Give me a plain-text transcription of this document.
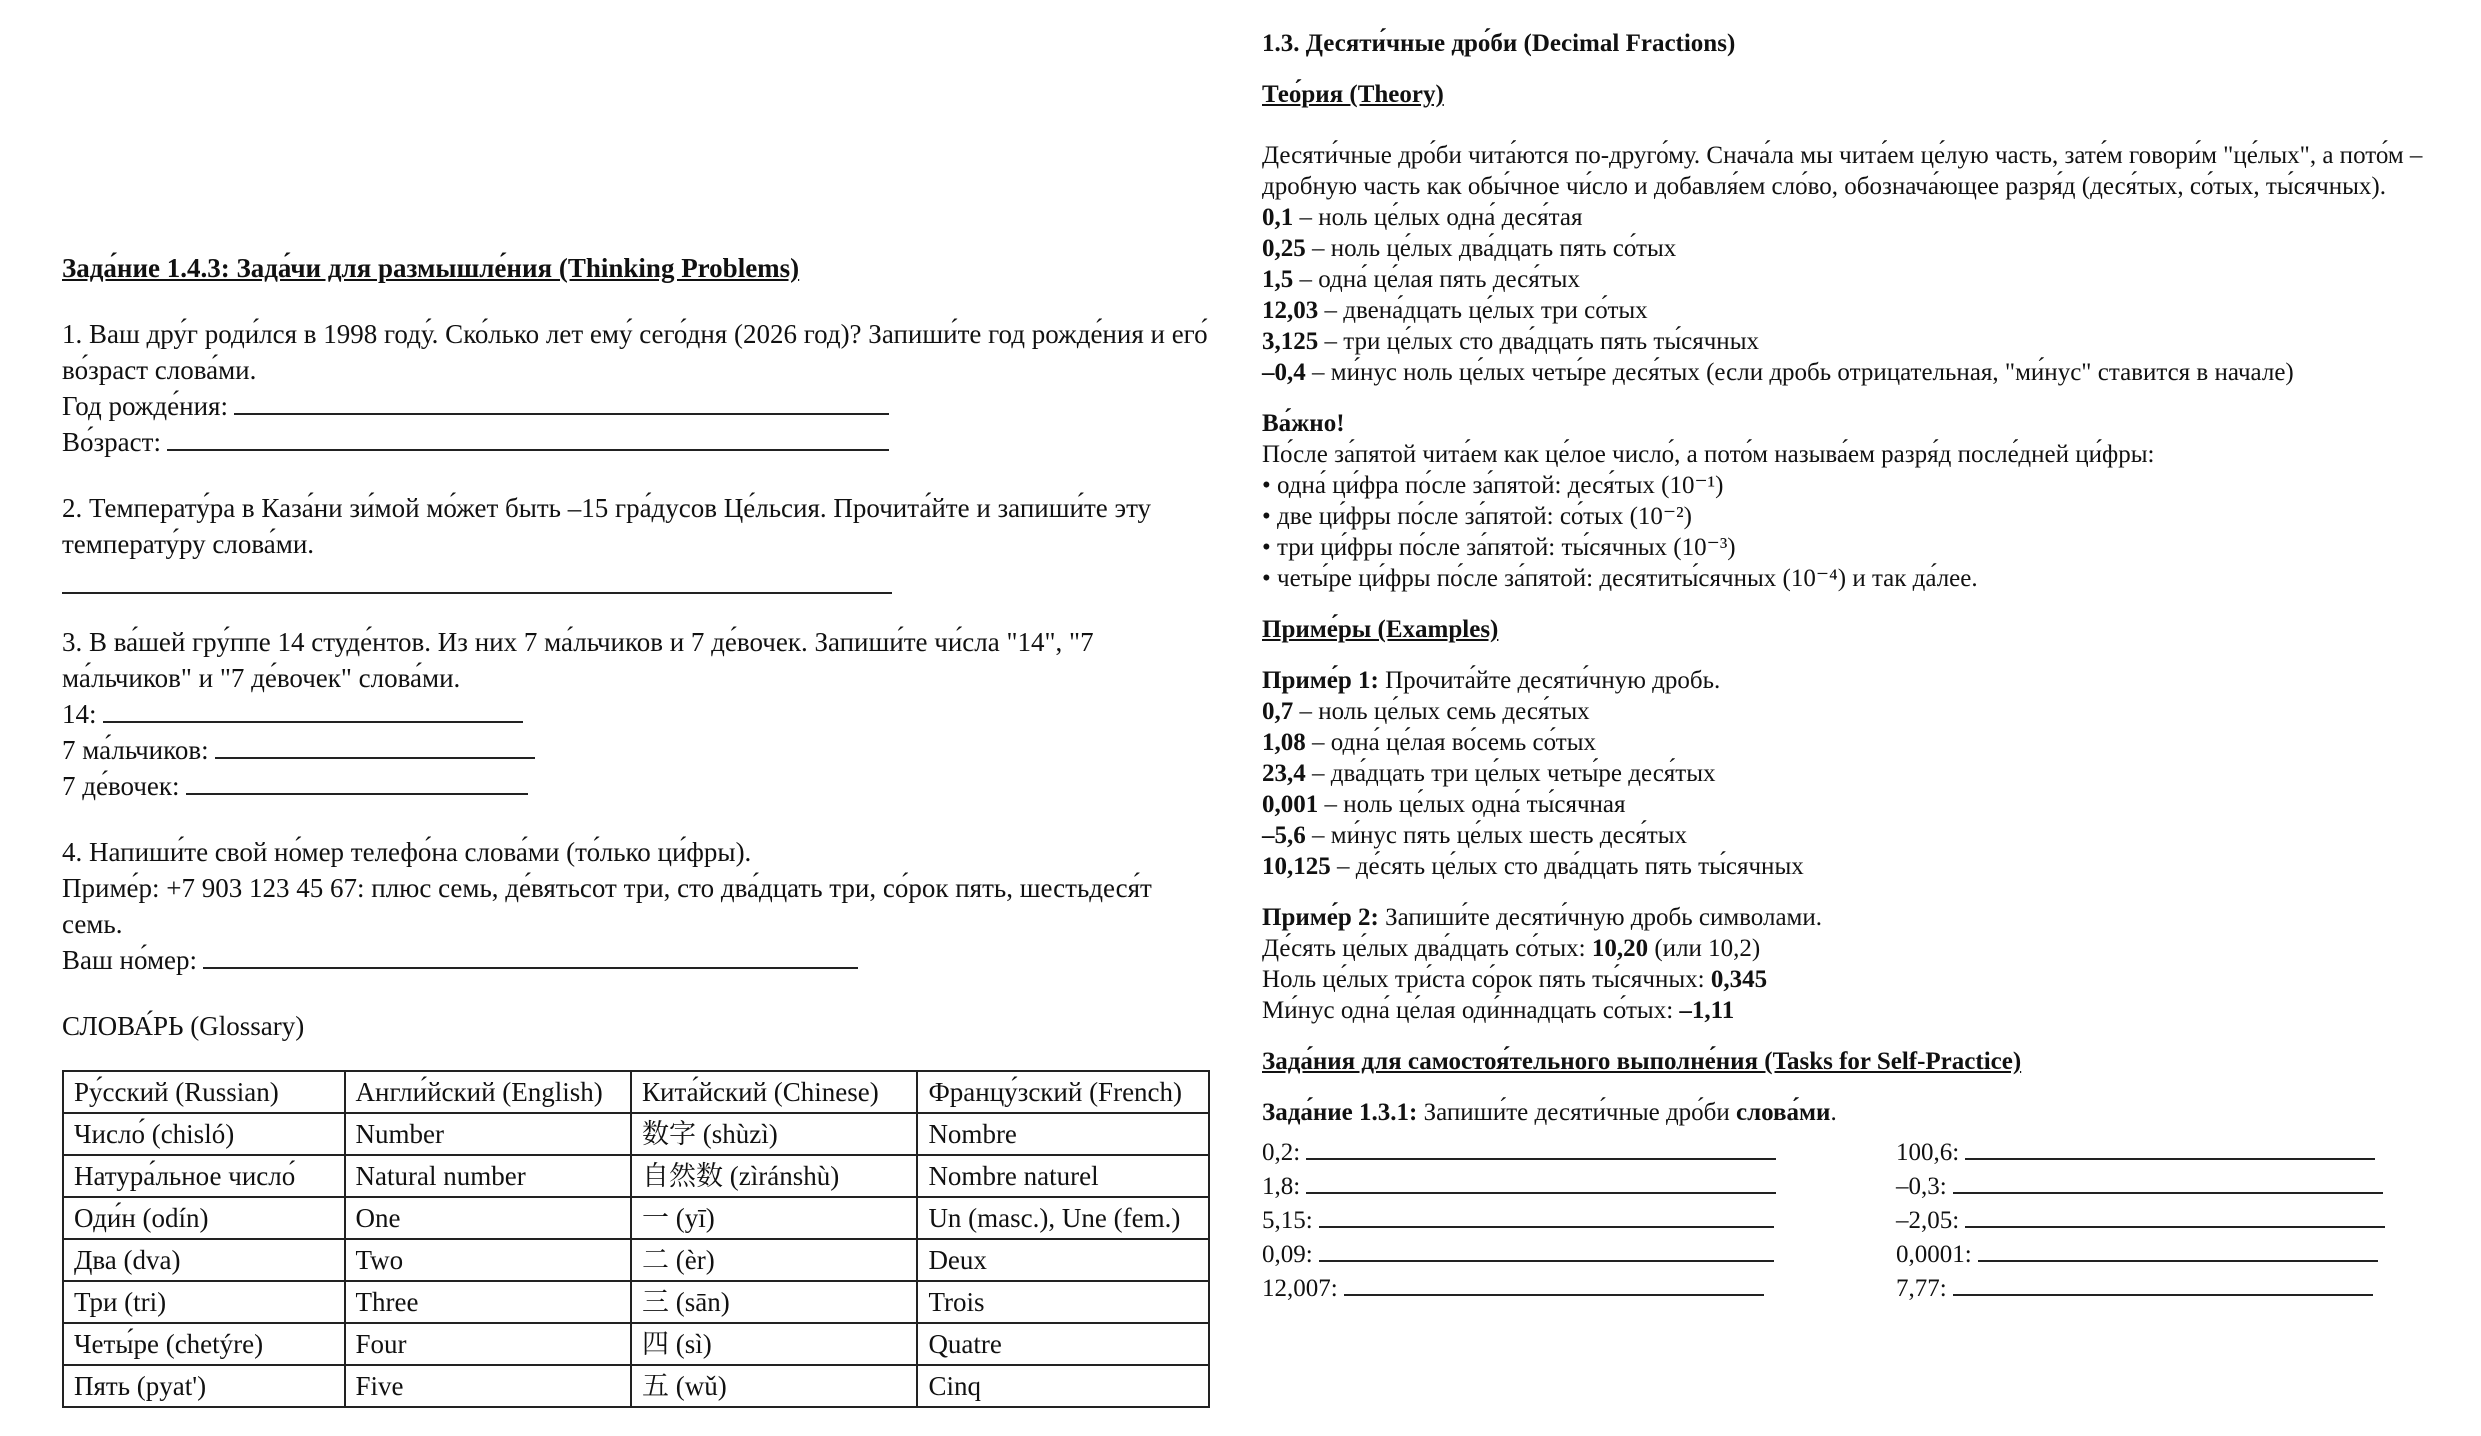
Зада́ние 1.4.3: Зада́чи для размышле́ния (Thinking Problems)

1. Ваш дру́г роди́лся в 1998 году́. Ско́лько лет ему́ сего́дня (2026 год)? Запиши́те год рожде́ния и его́ во́зраст слова́ми.

Год рожде́ния:
Во́зраст:

2. Температу́ра в Каза́ни зи́мой мо́жет быть –15 гра́дусов Це́льсия. Прочита́йте и запиши́те эту температу́ру слова́ми.

3. В ва́шей гру́ппе 14 студе́нтов. Из них 7 ма́льчиков и 7 де́вочек. Запиши́те чи́сла "14", "7 ма́льчиков" и "7 де́вочек" слова́ми.

14:
7 ма́льчиков:
7 де́вочек:

4. Напиши́те свой но́мер телефо́на слова́ми (то́лько ци́фры).

Приме́р: +7 903 123 45 67: плюс семь, де́вятьсот три, сто два́дцать три, со́рок пять, шестьдеся́т семь.

Ваш но́мер:
СЛОВА́РЬ (Glossary)
Ру́сский (Russian)	Англи́йский (English)	Кита́йский (Chinese)	Францу́зский (French)
Число́ (chisló)	Number	数字 (shùzì)	Nombre
Натура́льное число́	Natural number	自然数 (zìránshù)	Nombre naturel
Оди́н (odín)	One	一 (yī)	Un (masc.), Une (fem.)
Два (dva)	Two	二 (èr)	Deux
Три (tri)	Three	三 (sān)	Trois
Четы́ре (chetýre)	Four	四 (sì)	Quatre
Пять (pyat')	Five	五 (wǔ)	Cinq
1.3. Десяти́чные дро́би (Decimal Fractions)
Тео́рия (Theory)

Десяти́чные дро́би чита́ются по-друго́му. Снача́ла мы чита́ем це́лую часть, зате́м говори́м "це́лых", а пото́м – дробную часть как обы́чное чи́сло и добавля́ем сло́во, обознача́ющее разря́д (деся́тых, со́тых, ты́сячных).

0,1 – ноль це́лых одна́ деся́тая
0,25 – ноль це́лых два́дцать пять со́тых
1,5 – одна́ це́лая пять деся́тых
12,03 – двена́дцать це́лых три со́тых
3,125 – три це́лых сто два́дцать пять ты́сячных
–0,4 – ми́нус ноль це́лых четы́ре деся́тых (если дробь отрицательная, "ми́нус" ставится в начале)
Ва́жно!

По́сле за́пятой чита́ем как це́лое число́, а пото́м называ́ем разря́д после́дней ци́фры:

• одна́ ци́фра по́сле за́пятой: деся́тых (10⁻¹)
• две ци́фры по́сле за́пятой: со́тых (10⁻²)
• три ци́фры по́сле за́пятой: ты́сячных (10⁻³)
• четы́ре ци́фры по́сле за́пятой: десятиты́сячных (10⁻⁴) и так да́лее.
Приме́ры (Examples)
Приме́р 1: Прочита́йте десяти́чную дробь.
0,7 – ноль це́лых семь деся́тых
1,08 – одна́ це́лая во́семь со́тых
23,4 – два́дцать три це́лых четы́ре деся́тых
0,001 – ноль це́лых одна́ ты́сячная
–5,6 – ми́нус пять це́лых шесть деся́тых
10,125 – де́сять це́лых сто два́дцать пять ты́сячных
Приме́р 2: Запиши́те десяти́чную дробь символами.
Де́сять це́лых два́дцать со́тых: 10,20 (или 10,2)
Ноль це́лых три́ста со́рок пять ты́сячных: 0,345
Ми́нус одна́ це́лая оди́ннадцать со́тых: –1,11
Зада́ния для самостоя́тельного выполне́ния (Tasks for Self-Practice)
Зада́ние 1.3.1: Запиши́те десяти́чные дро́би слова́ми.
0,2:	100,6:
1,8:	–0,3:
5,15:	–2,05:
0,09:	0,0001:
12,007:	7,77:
